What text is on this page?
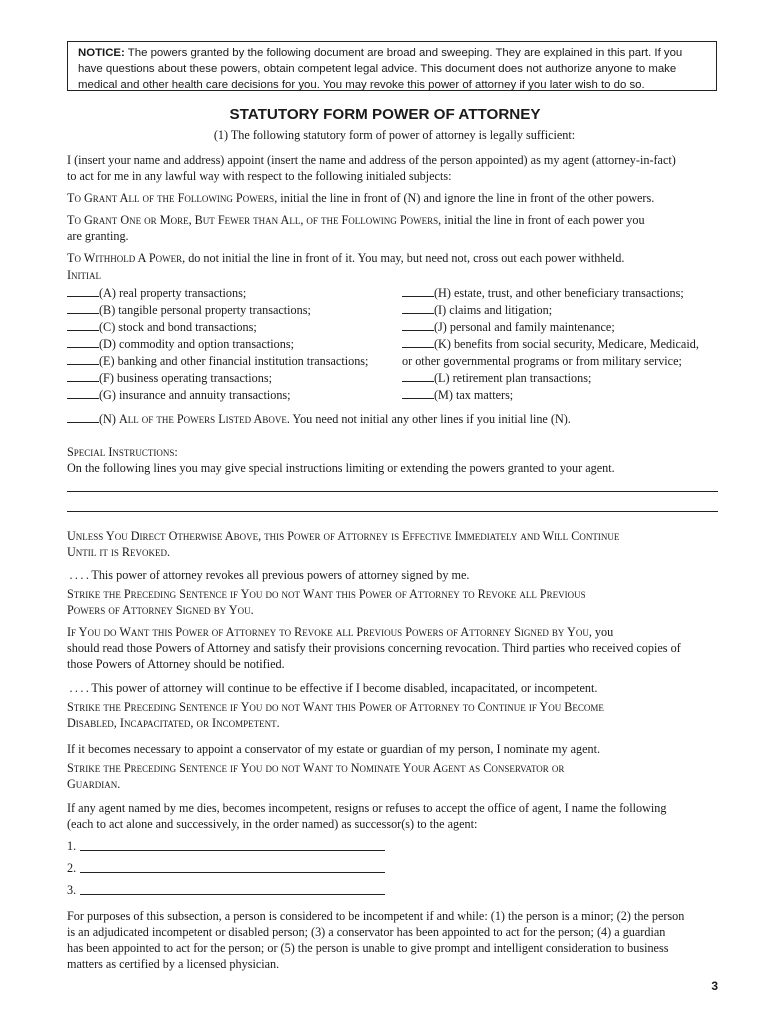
NOTICE: The powers granted by the following document are broad and sweeping. They are explained in this part. If you
have questions about these powers, obtain competent legal advice. This document does not authorize anyone to make
medical and other health care decisions for you. You may revoke this power of attorney if you later wish to do so.
STATUTORY FORM POWER OF ATTORNEY
(1) The following statutory form of power of attorney is legally sufficient:
I (insert your name and address) appoint (insert the name and address of the person appointed) as my agent (attorney-in-fact)
to act for me in any lawful way with respect to the following initialed subjects:
To Grant All of the Following Powers, initial the line in front of (N) and ignore the line in front of the other powers.
To Grant One or More, But Fewer than All, of the Following Powers, initial the line in front of each power you
are granting.
To Withhold A Power, do not initial the line in front of it. You may, but need not, cross out each power withheld.
Initial
(A) real property transactions;
(B) tangible personal property transactions;
(C) stock and bond transactions;
(D) commodity and option transactions;
(E) banking and other financial institution transactions;
(F) business operating transactions;
(G) insurance and annuity transactions;
(H) estate, trust, and other beneficiary transactions;
(I) claims and litigation;
(J) personal and family maintenance;
(K) benefits from social security, Medicare, Medicaid,
or other governmental programs or from military service;
(L) retirement plan transactions;
(M) tax matters;
(N) All of the Powers Listed Above. You need not initial any other lines if you initial line (N).
Special Instructions:
On the following lines you may give special instructions limiting or extending the powers granted to your agent.
Unless You Direct Otherwise Above, this Power of Attorney is Effective Immediately and Will Continue
Until it is Revoked.
 . . . . This power of attorney revokes all previous powers of attorney signed by me.
Strike the Preceding Sentence if You do not Want this Power of Attorney to Revoke all Previous
Powers of Attorney Signed by You.
If You do Want this Power of Attorney to Revoke all Previous Powers of Attorney Signed by You, you
should read those Powers of Attorney and satisfy their provisions concerning revocation. Third parties who received copies of
those Powers of Attorney should be notified.
 . . . . This power of attorney will continue to be effective if I become disabled, incapacitated, or incompetent.
Strike the Preceding Sentence if You do not Want this Power of Attorney to Continue if You Become
Disabled, Incapacitated, or Incompetent.
If it becomes necessary to appoint a conservator of my estate or guardian of my person, I nominate my agent.
Strike the Preceding Sentence if You do not Want to Nominate Your Agent as Conservator or
Guardian.
If any agent named by me dies, becomes incompetent, resigns or refuses to accept the office of agent, I name the following
(each to act alone and successively, in the order named) as successor(s) to the agent:
1.
2.
3.
For purposes of this subsection, a person is considered to be incompetent if and while: (1) the person is a minor; (2) the person
is an adjudicated incompetent or disabled person; (3) a conservator has been appointed to act for the person; (4) a guardian
has been appointed to act for the person; or (5) the person is unable to give prompt and intelligent consideration to business
matters as certified by a licensed physician.
3
